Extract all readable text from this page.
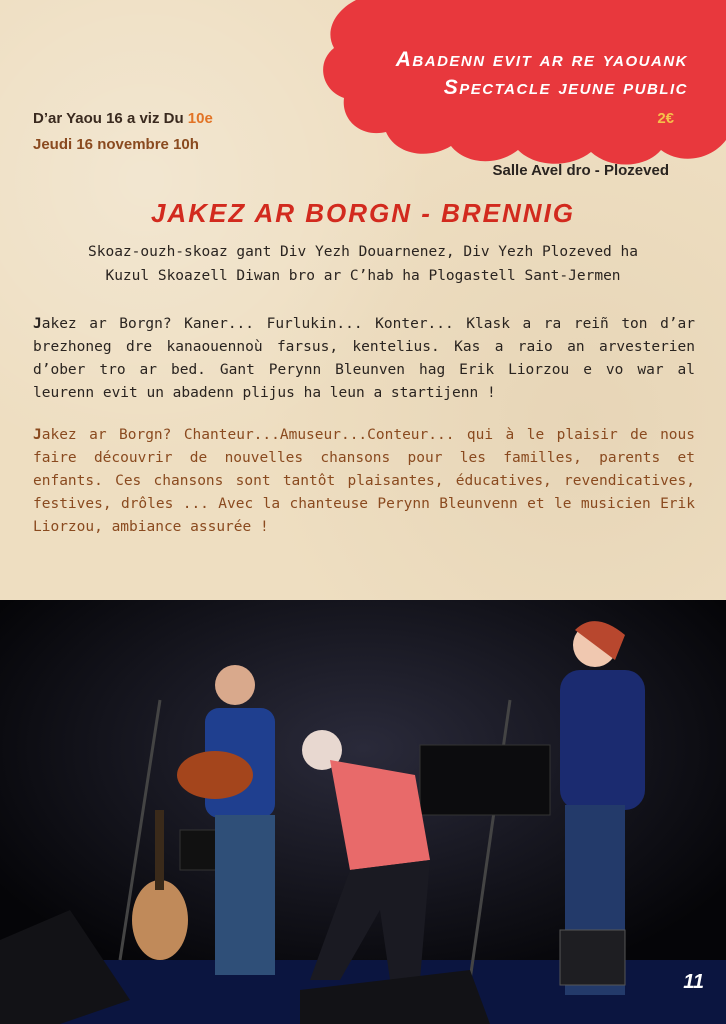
Abadenn evit ar re yaouank
Spectacle jeune public
2€
D’ar Yaou 16 a viz Du 10e
Jeudi 16 novembre 10h
Salle Avel dro - Plozeved
JAKEZ AR BORGN - BRENNIG
Skoaz-ouzh-skoaz gant Div Yezh Douarnenez, Div Yezh Plozeved ha
Kuzul Skoazell Diwan bro ar C’hab ha Plogastell Sant-Jermen
Jakez ar Borgn? Kaner... Furlukin... Konter... Klask a ra reiñ ton d’ar brezhoneg dre kanaouennoù farsus, kentelius. Kas a raio an arvesterien d’ober tro ar bed. Gant Perynn Bleunven hag Erik Liorzou e vo war al leurenn evit un abadenn plijus ha leun a startijenn !
Jakez ar Borgn? Chanteur...Amuseur...Conteur... qui à le plaisir de nous faire découvrir de nouvelles chansons pour les familles, parents et enfants. Ces chansons sont tantôt plaisantes, éducatives, revendicatives, festives, drôles ... Avec la chanteuse Perynn Bleunvenn et le musicien Erik Liorzou, ambiance assurée !
11
